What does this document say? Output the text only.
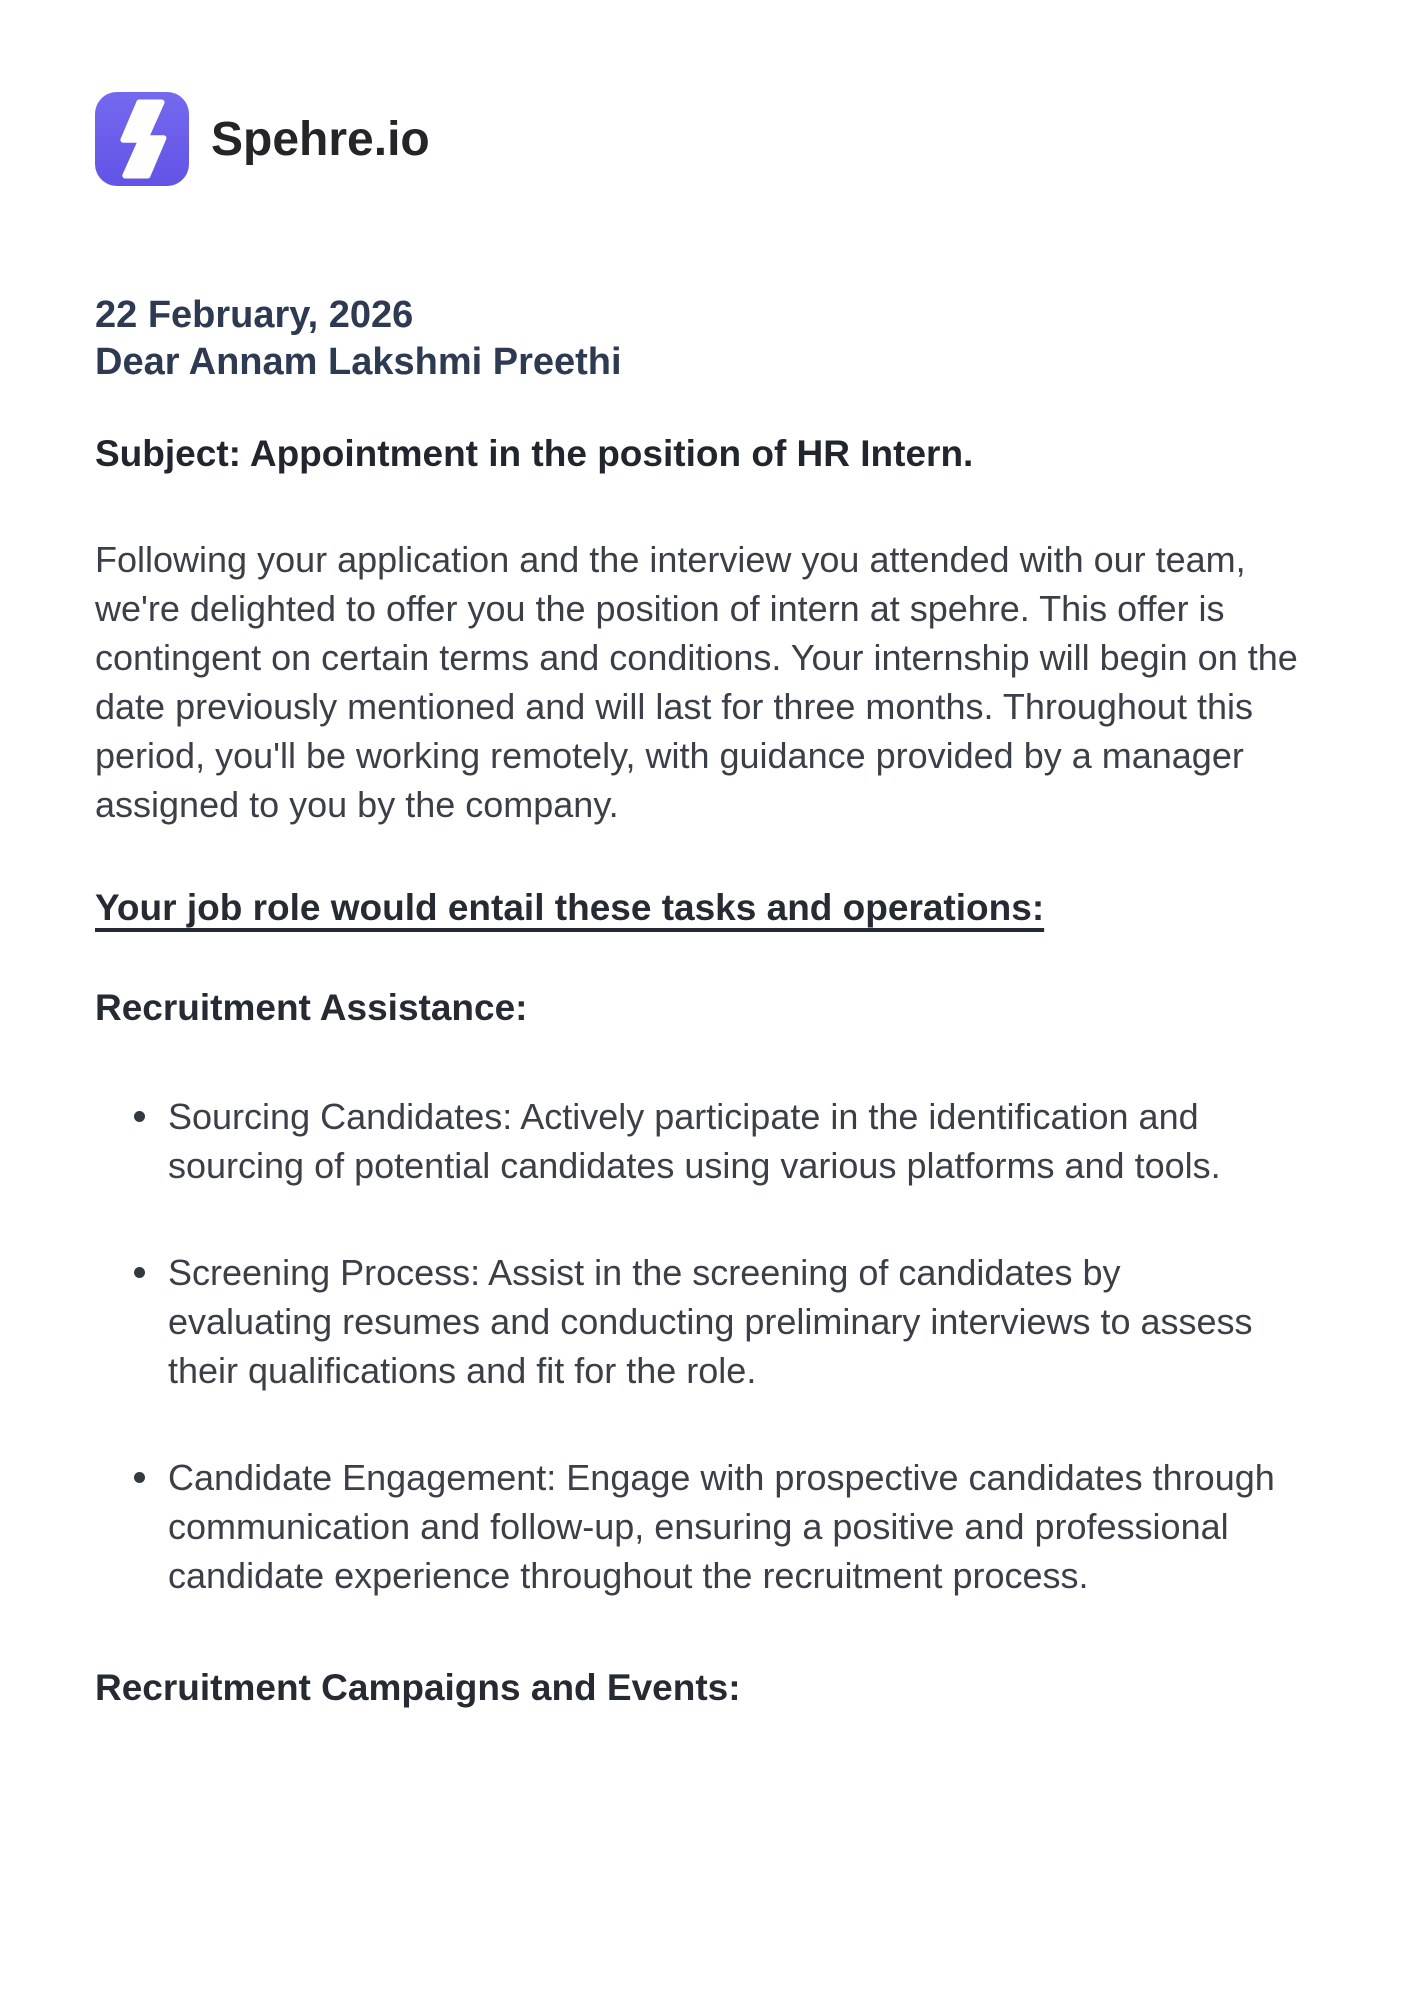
Spehre.io
22 February, 2026
Dear Annam Lakshmi Preethi
Subject: Appointment in the position of HR Intern.

Following your application and the interview you attended with our team, we're delighted to offer you the position of intern at spehre. This offer is contingent on certain terms and conditions. Your internship will begin on the date previously mentioned and will last for three months. Throughout this period, you'll be working remotely, with guidance provided by a manager assigned to you by the company.

Your job role would entail these tasks and operations:
Recruitment Assistance:
Sourcing Candidates: Actively participate in the identification and sourcing of potential candidates using various platforms and tools.
Screening Process: Assist in the screening of candidates by evaluating resumes and conducting preliminary interviews to assess their qualifications and fit for the role.
Candidate Engagement: Engage with prospective candidates through communication and follow-up, ensuring a positive and professional candidate experience throughout the recruitment process.
Recruitment Campaigns and Events:
